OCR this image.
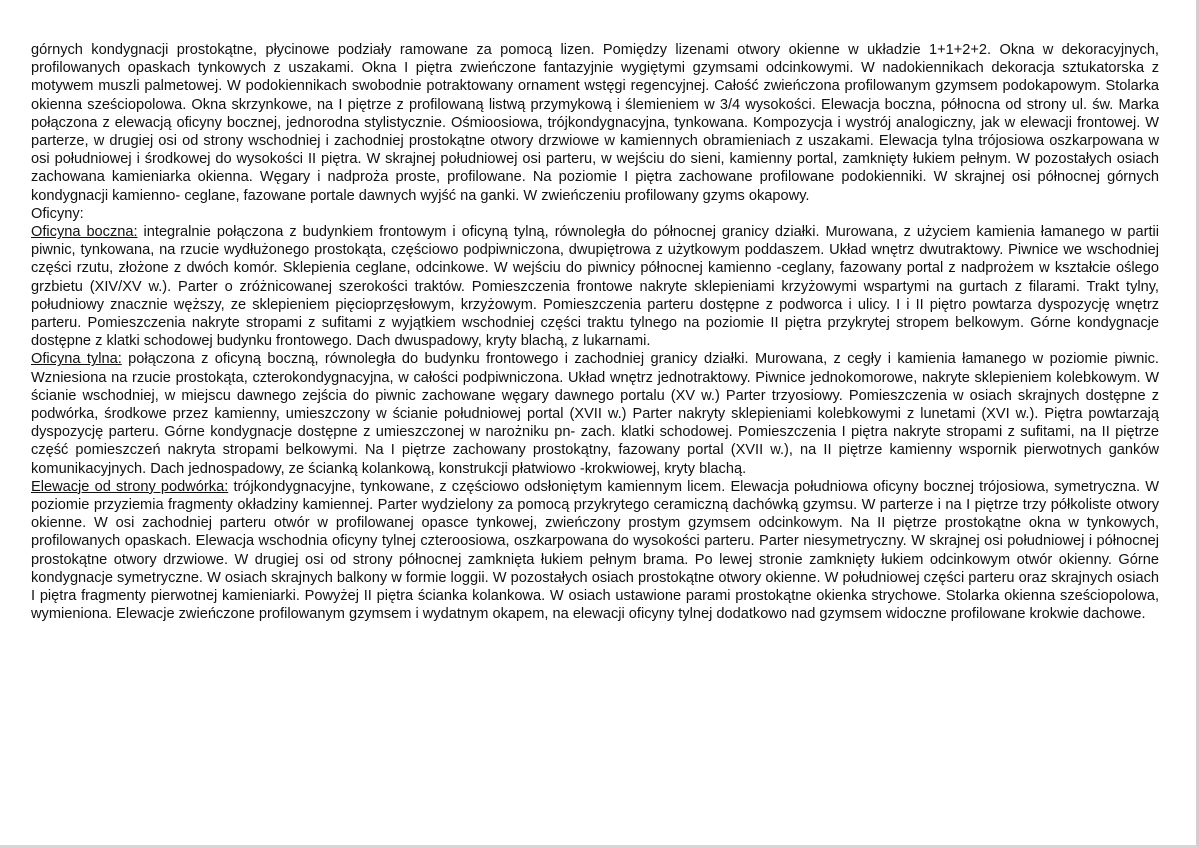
górnych kondygnacji prostokątne, płycinowe podziały ramowane za pomocą lizen. Pomiędzy lizenami otwory okienne w układzie 1+1+2+2. Okna w dekoracyjnych, profilowanych opaskach tynkowych z uszakami. Okna I piętra zwieńczone fantazyjnie wygiętymi gzymsami odcinkowymi. W nadokiennikach dekoracja sztukatorska z motywem muszli palmetowej. W podokiennikach swobodnie potraktowany ornament wstęgi regencyjnej. Całość zwieńczona profilowanym gzymsem podokapowym. Stolarka okienna sześciopolowa. Okna skrzynkowe, na I piętrze z profilowaną listwą przymykową i ślemieniem w 3/4 wysokości. Elewacja boczna, północna od strony ul. św. Marka połączona z elewacją oficyny bocznej, jednorodna stylistycznie. Ośmioosiowa, trójkondygnacyjna, tynkowana. Kompozycja i wystrój analogiczny, jak w elewacji frontowej. W parterze, w drugiej osi od strony wschodniej i zachodniej prostokątne otwory drzwiowe w kamiennych obramieniach z uszakami. Elewacja tylna trójosiowa oszkarpowana w osi południowej i środkowej do wysokości II piętra. W skrajnej południowej osi parteru, w wejściu do sieni, kamienny portal, zamknięty łukiem pełnym. W pozostałych osiach zachowana kamieniarka okienna. Węgary i nadproża proste, profilowane. Na poziomie I piętra zachowane profilowane podokienniki. W skrajnej osi północnej górnych kondygnacji kamienno- ceglane, fazowane portale dawnych wyjść na ganki. W zwieńczeniu profilowany gzyms okapowy.

Oficyny:

Oficyna boczna: integralnie połączona z budynkiem frontowym i oficyną tylną, równoległa do północnej granicy działki. Murowana, z użyciem kamienia łamanego w partii piwnic, tynkowana, na rzucie wydłużonego prostokąta, częściowo podpiwniczona, dwupiętrowa z użytkowym poddaszem. Układ wnętrz dwutraktowy. Piwnice we wschodniej części rzutu, złożone z dwóch komór. Sklepienia ceglane, odcinkowe. W wejściu do piwnicy północnej kamienno -ceglany, fazowany portal z nadprożem w kształcie oślego grzbietu (XIV/XV w.). Parter o zróżnicowanej szerokości traktów. Pomieszczenia frontowe nakryte sklepieniami krzyżowymi wspartymi na gurtach z filarami. Trakt tylny, południowy znacznie węższy, ze sklepieniem pięcioprzęsłowym, krzyżowym. Pomieszczenia parteru dostępne z podworca i ulicy. I i II piętro powtarza dyspozycję wnętrz parteru. Pomieszczenia nakryte stropami z sufitami z wyjątkiem wschodniej części traktu tylnego na poziomie II piętra przykrytej stropem belkowym. Górne kondygnacje dostępne z klatki schodowej budynku frontowego. Dach dwuspadowy, kryty blachą, z lukarnami.

Oficyna tylna: połączona z oficyną boczną, równoległa do budynku frontowego i zachodniej granicy działki. Murowana, z cegły i kamienia łamanego w poziomie piwnic. Wzniesiona na rzucie prostokąta, czterokondygnacyjna, w całości podpiwniczona. Układ wnętrz jednotraktowy. Piwnice jednokomorowe, nakryte sklepieniem kolebkowym. W ścianie wschodniej, w miejscu dawnego zejścia do piwnic zachowane węgary dawnego portalu (XV w.) Parter trzyosiowy. Pomieszczenia w osiach skrajnych dostępne z podwórka, środkowe przez kamienny, umieszczony w ścianie południowej portal (XVII w.) Parter nakryty sklepieniami kolebkowymi z lunetami (XVI w.). Piętra powtarzają dyspozycję parteru. Górne kondygnacje dostępne z umieszczonej w narożniku pn- zach. klatki schodowej. Pomieszczenia I piętra nakryte stropami z sufitami, na II piętrze część pomieszczeń nakryta stropami belkowymi. Na I piętrze zachowany prostokątny, fazowany portal (XVII w.), na II piętrze kamienny wspornik pierwotnych ganków komunikacyjnych. Dach jednospadowy, ze ścianką kolankową, konstrukcji płatwiowo -krokwiowej, kryty blachą.

Elewacje od strony podwórka: trójkondygnacyjne, tynkowane, z częściowo odsłoniętym kamiennym licem. Elewacja południowa oficyny bocznej trójosiowa, symetryczna. W poziomie przyziemia fragmenty okładziny kamiennej. Parter wydzielony za pomocą przykrytego ceramiczną dachówką gzymsu. W parterze i na I piętrze trzy półkoliste otwory okienne. W osi zachodniej parteru otwór w profilowanej opasce tynkowej, zwieńczony prostym gzymsem odcinkowym. Na II piętrze prostokątne okna w tynkowych, profilowanych opaskach. Elewacja wschodnia oficyny tylnej czteroosiowa, oszkarpowana do wysokości parteru. Parter niesymetryczny. W skrajnej osi południowej i północnej prostokątne otwory drzwiowe. W drugiej osi od strony północnej zamknięta łukiem pełnym brama. Po lewej stronie zamknięty łukiem odcinkowym otwór okienny. Górne kondygnacje symetryczne. W osiach skrajnych balkony w formie loggii. W pozostałych osiach prostokątne otwory okienne. W południowej części parteru oraz skrajnych osiach I piętra fragmenty pierwotnej kamieniarki. Powyżej II piętra ścianka kolankowa. W osiach ustawione parami prostokątne okienka strychowe. Stolarka okienna sześciopolowa, wymieniona. Elewacje zwieńczone profilowanym gzymsem i wydatnym okapem, na elewacji oficyny tylnej dodatkowo nad gzymsem widoczne profilowane krokwie dachowe.
